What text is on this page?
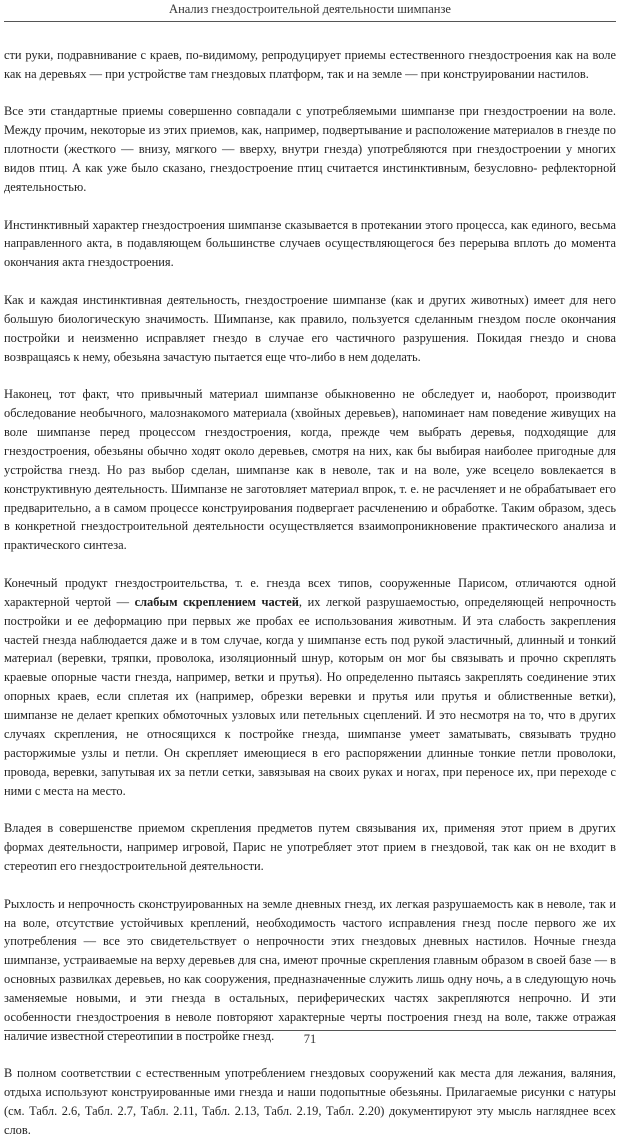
Анализ гнездостроительной деятельности шимпанзе

сти руки, подравнивание с краев, по-видимому, репродуцирует приемы естественного гнездостроения как на воле как на деревьях — при устройстве там гнездовых платформ, так и на земле — при конструировании настилов.

Все эти стандартные приемы совершенно совпадали с употребляемыми шимпанзе при гнездостроении на воле. Между прочим, некоторые из этих приемов, как, например, подвертывание и расположение материалов в гнезде по плотности (жесткого — внизу, мягкого — вверху, внутри гнезда) употребляются при гнездостроении у многих видов птиц. А как уже было сказано, гнездостроение птиц считается инстинктивным, безусловно- рефлекторной деятельностью.

Инстинктивный характер гнездостроения шимпанзе сказывается в протекании этого процесса, как единого, весьма направленного акта, в подавляющем большинстве случаев осуществляющегося без перерыва вплоть до момента окончания акта гнездостроения.

Как и каждая инстинктивная деятельность, гнездостроение шимпанзе (как и других животных) имеет для него большую биологическую значимость. Шимпанзе, как правило, пользуется сделанным гнездом после окончания постройки и неизменно исправляет гнездо в случае его частичного разрушения. Покидая гнездо и снова возвращаясь к нему, обезьяна зачастую пытается еще что-либо в нем доделать.

Наконец, тот факт, что привычный материал шимпанзе обыкновенно не обследует и, наоборот, производит обследование необычного, малознакомого материала (хвойных деревьев), напоминает нам поведение живущих на воле шимпанзе перед процессом гнездостроения, когда, прежде чем выбрать деревья, подходящие для гнездостроения, обезьяны обычно ходят около деревьев, смотря на них, как бы выбирая наиболее пригодные для устройства гнезд. Но раз выбор сделан, шимпанзе как в неволе, так и на воле, уже всецело вовлекается в конструктивную деятельность. Шимпанзе не заготовляет материал впрок, т. е. не расчленяет и не обрабатывает его предварительно, а в самом процессе конструирования подвергает расчленению и обработке. Таким образом, здесь в конкретной гнездостроительной деятельности осуществляется взаимопроникновение практического анализа и практического синтеза.

Конечный продукт гнездостроительства, т. е. гнезда всех типов, сооруженные Парисом, отличаются одной характерной чертой — слабым скреплением частей, их легкой разрушаемостью, определяющей непрочность постройки и ее деформацию при первых же пробах ее использования животным. И эта слабость закрепления частей гнезда наблюдается даже и в том случае, когда у шимпанзе есть под рукой эластичный, длинный и тонкий материал (веревки, тряпки, проволока, изоляционный шнур, которым он мог бы связывать и прочно скреплять краевые опорные части гнезда, например, ветки и прутья). Но определенно пытаясь закреплять соединение этих опорных краев, если сплетая их (например, обрезки веревки и прутья или прутья и облиственные ветки), шимпанзе не делает крепких обмоточных узловых или петельных сцеплений. И это несмотря на то, что в других случаях скрепления, не относящихся к постройке гнезда, шимпанзе умеет заматывать, связывать трудно расторжимые узлы и петли. Он скрепляет имеющиеся в его распоряжении длинные тонкие петли проволоки, провода, веревки, запутывая их за петли сетки, завязывая на своих руках и ногах, при переносе их, при переходе с ними с места на место.

Владея в совершенстве приемом скрепления предметов путем связывания их, применяя этот прием в других формах деятельности, например игровой, Парис не употребляет этот прием в гнездовой, так как он не входит в стереотип его гнездостроительной деятельности.

Рыхлость и непрочность сконструированных на земле дневных гнезд, их легкая разрушаемость как в неволе, так и на воле, отсутствие устойчивых креплений, необходимость частого исправления гнезд после первого же их употребления — все это свидетельствует о непрочности этих гнездовых дневных настилов. Ночные гнезда шимпанзе, устраиваемые на верху деревьев для сна, имеют прочные скрепления главным образом в своей базе — в основных развилках деревьев, но как сооружения, предназначенные служить лишь одну ночь, а в следующую ночь заменяемые новыми, и эти гнезда в остальных, периферических частях закрепляются непрочно. И эти особенности гнездостроения в неволе повторяют характерные черты построения гнезд на воле, также отражая наличие известной стереотипии в постройке гнезд.

В полном соответствии с естественным употреблением гнездовых сооружений как места для лежания, валяния, отдыха используют конструированные ими гнезда и наши подопытные обезьяны. Прилагаемые рисунки с натуры (см. Табл. 2.6, Табл. 2.7, Табл. 2.11, Табл. 2.13, Табл. 2.19, Табл. 2.20) документируют эту мысль нагляднее всех слов.

71
